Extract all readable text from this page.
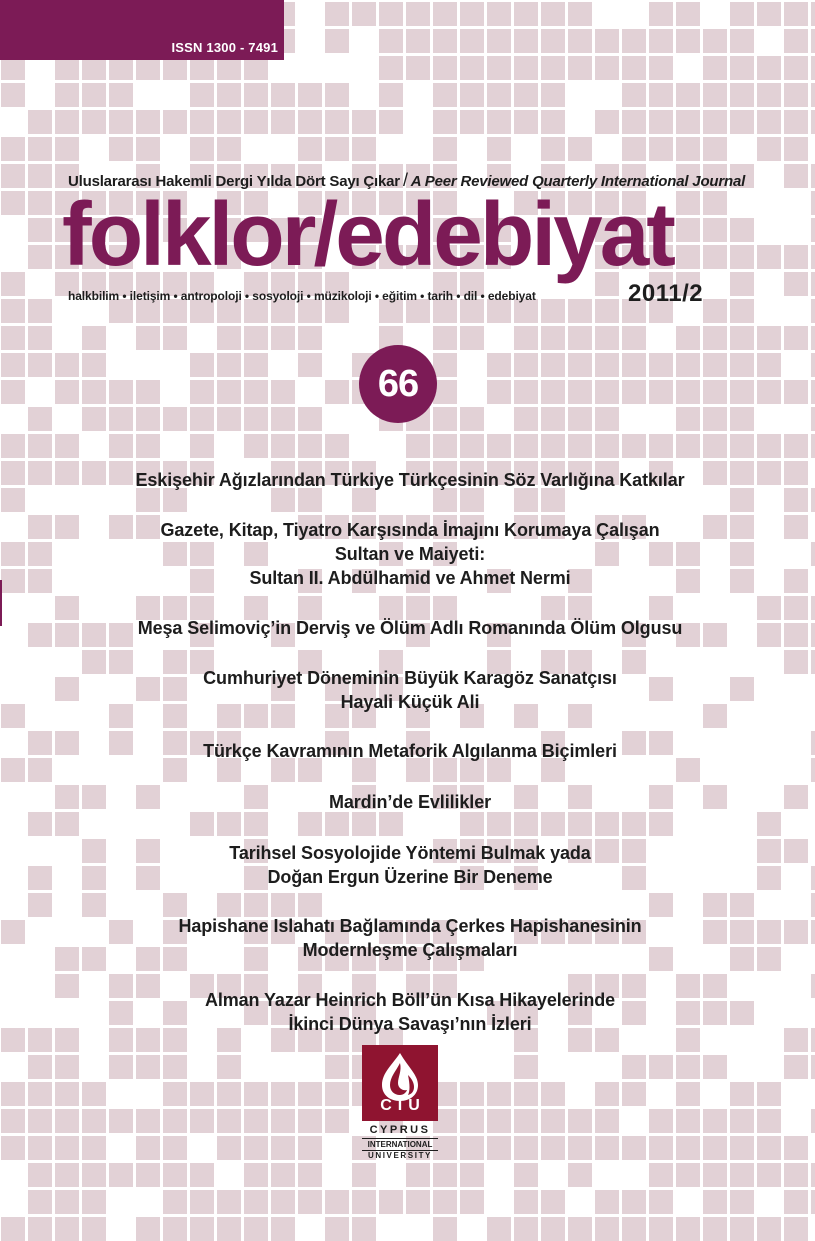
ISSN 1300 - 7491
Uluslararası Hakemli Dergi Yılda Dört Sayı Çıkar / A Peer Reviewed Quarterly International Journal
folklor/edebiyat
halkbilim • iletişim • antropoloji • sosyoloji • müzikoloji • eğitim • tarih • dil • edebiyat	2011/2
66
Eskişehir Ağızlarından Türkiye Türkçesinin Söz Varlığına Katkılar
Gazete, Kitap, Tiyatro Karşısında İmajını Korumaya Çalışan
Sultan ve Maiyeti:
Sultan II. Abdülhamid ve Ahmet Nermi
Meşa Selimoviç’in Derviş ve Ölüm Adlı Romanında Ölüm Olgusu
Cumhuriyet Döneminin Büyük Karagöz Sanatçısı
Hayali Küçük Ali
Türkçe Kavramının Metaforik Algılanma Biçimleri
Mardin’de Evlilikler
Tarihsel Sosyolojide Yöntemi Bulmak yada
Doğan Ergun Üzerine Bir Deneme
Hapishane Islahatı Bağlamında Çerkes Hapishanesinin
Modernleşme Çalışmaları
Alman Yazar Heinrich Böll’ün Kısa Hikayelerinde
İkinci Dünya Savaşı’nın İzleri
CIU
CYPRUS
INTERNATIONAL
UNIVERSITY
